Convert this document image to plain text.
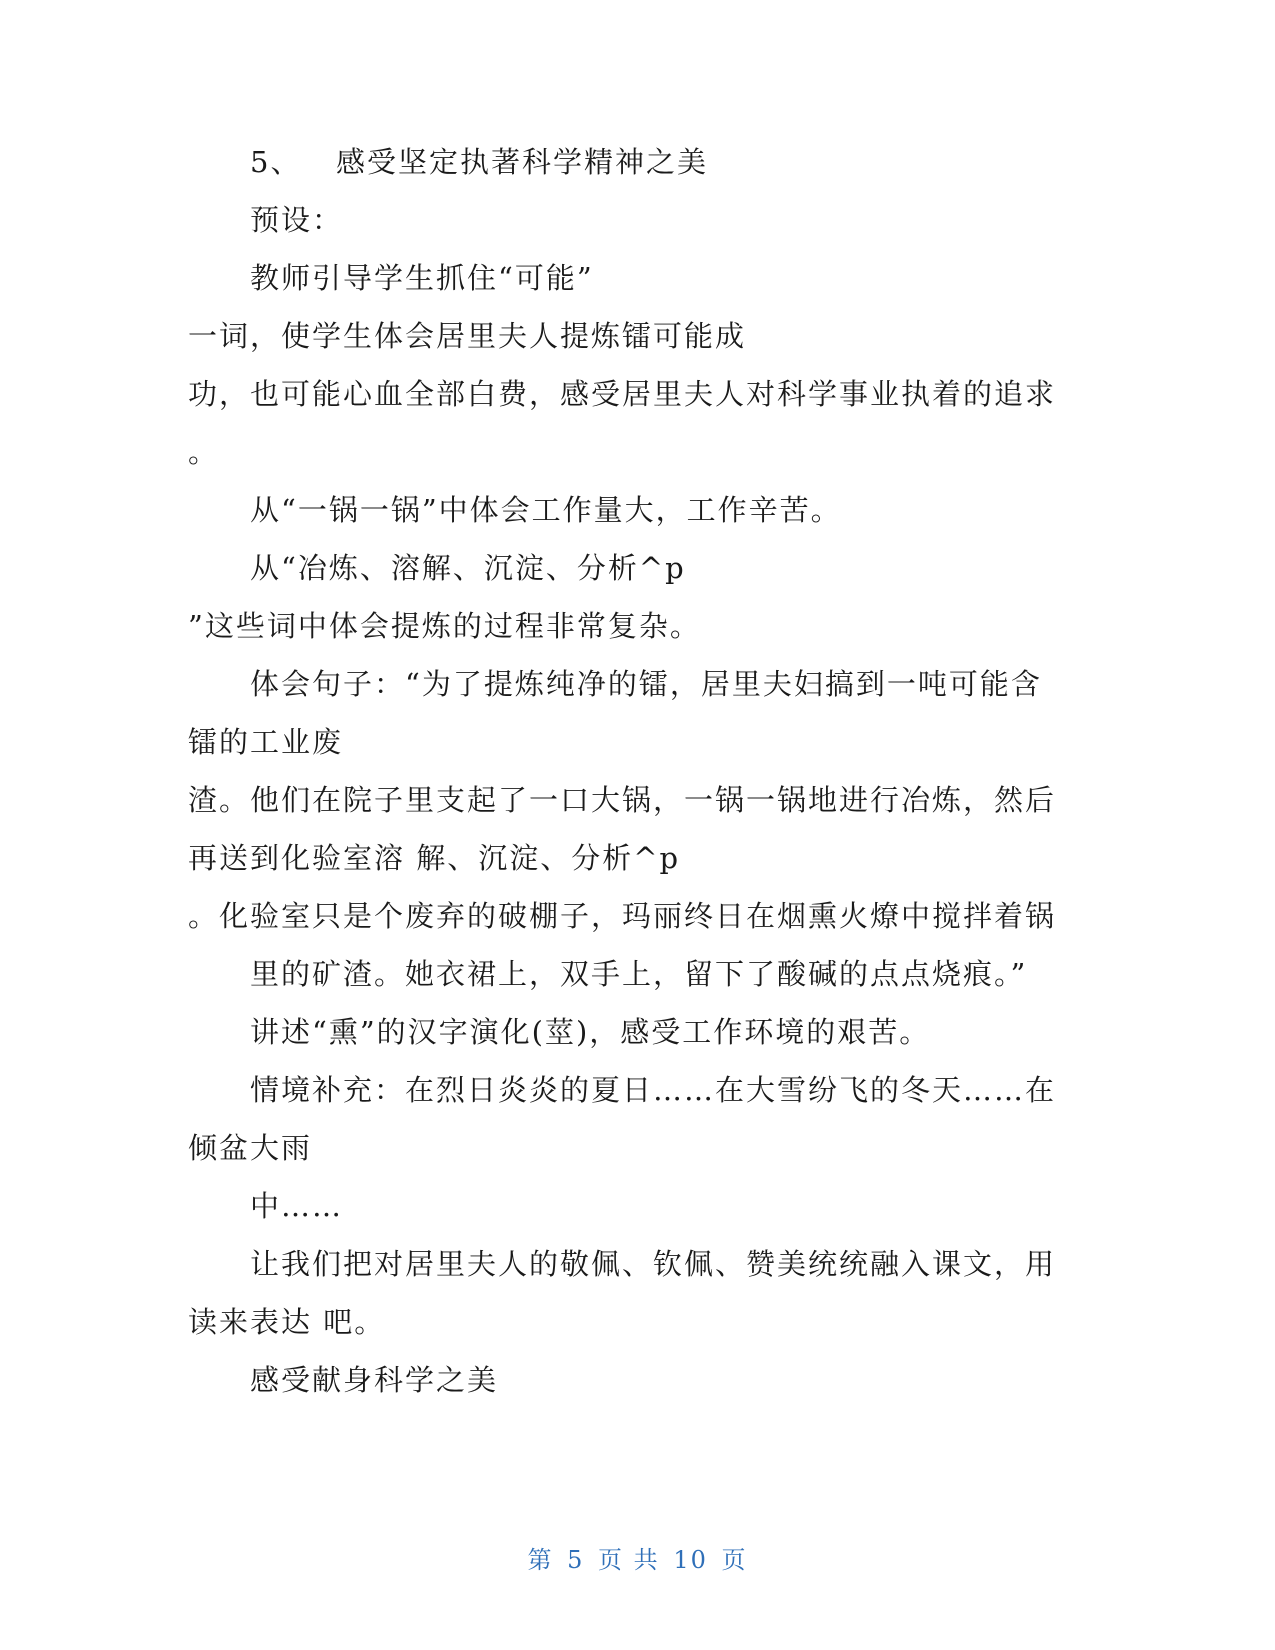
5、 感受坚定执著科学精神之美
预设：
教师引导学生抓住“可能”
一词，使学生体会居里夫人提炼镭可能成
功，也可能心血全部白费，感受居里夫人对科学事业执着的追求
。
从“一锅一锅”中体会工作量大，工作辛苦。
从“冶炼、溶解、沉淀、分析^p
”这些词中体会提炼的过程非常复杂。
体会句子：“为了提炼纯净的镭，居里夫妇搞到一吨可能含
镭的工业废
渣。他们在院子里支起了一口大锅，一锅一锅地进行冶炼，然后
再送到化验室溶 解、沉淀、分析^p
。化验室只是个废弃的破棚子，玛丽终日在烟熏火燎中搅拌着锅
里的矿渣。她衣裙上，双手上，留下了酸碱的点点烧痕。”
讲述“熏”的汉字演化(莖)，感受工作环境的艰苦。
情境补充：在烈日炎炎的夏日……在大雪纷飞的冬天……在
倾盆大雨
中……
让我们把对居里夫人的敬佩、钦佩、赞美统统融入课文，用
读来表达 吧。
感受献身科学之美
第 5 页 共 10 页
